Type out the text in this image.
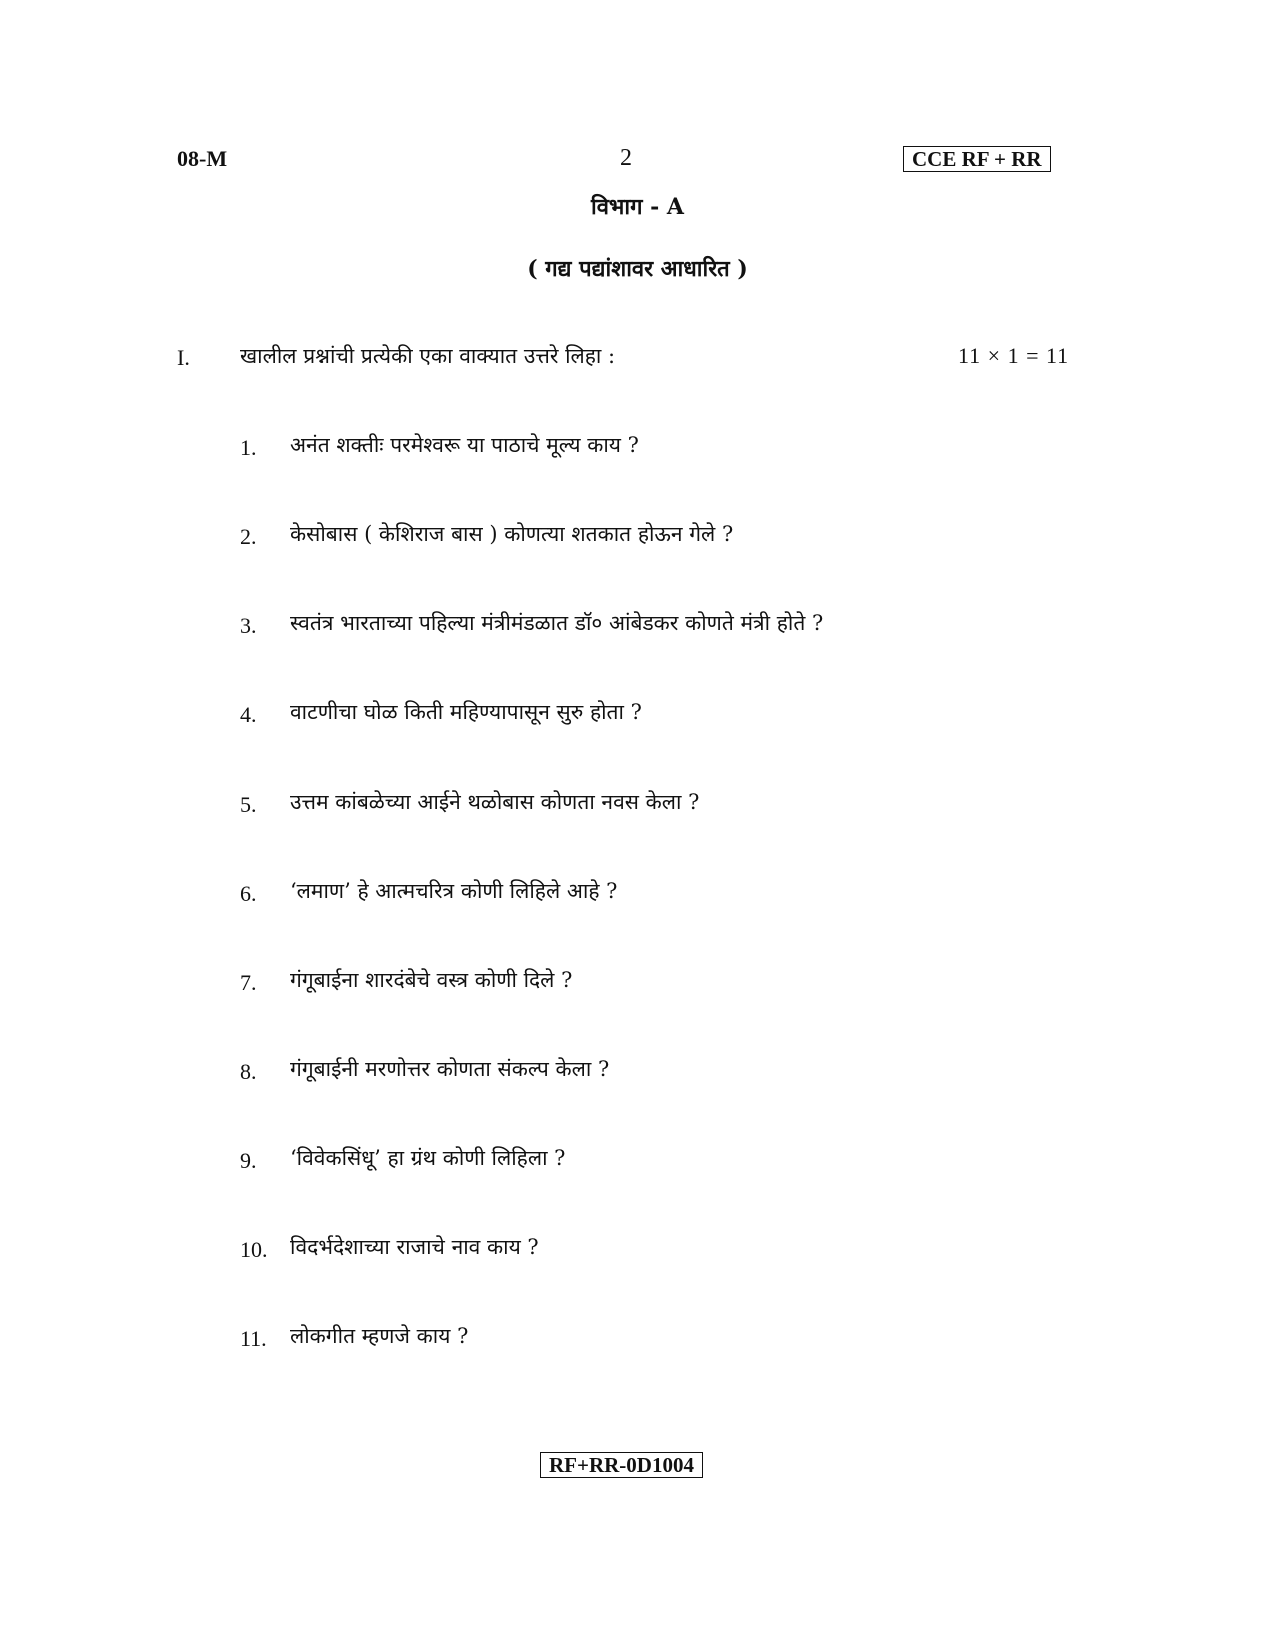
08-M	2	CCE RF + RR
विभाग - A
( गद्य पद्यांशावर आधारित )
I. खालील प्रश्नांची प्रत्येकी एका वाक्यात उत्तरे लिहा :	11 × 1 = 11
1. अनंत शक्तीः परमेश्वरू या पाठाचे मूल्य काय ?
2. केसोबास ( केशिराज बास ) कोणत्या शतकात होऊन गेले ?
3. स्वतंत्र भारताच्या पहिल्या मंत्रीमंडळात डॉ० आंबेडकर कोणते मंत्री होते ?
4. वाटणीचा घोळ किती महिण्यापासून सुरु होता ?
5. उत्तम कांबळेच्या आईने थळोबास कोणता नवस केला ?
6. ‘लमाण’ हे आत्मचरित्र कोणी लिहिले आहे ?
7. गंगूबाईना शारदंबेचे वस्त्र कोणी दिले ?
8. गंगूबाईनी मरणोत्तर कोणता संकल्प केला ?
9. ‘विवेकसिंधू’ हा ग्रंथ कोणी लिहिला ?
10. विदर्भदेशाच्या राजाचे नाव काय ?
11. लोकगीत म्हणजे काय ?
RF+RR-0D1004
